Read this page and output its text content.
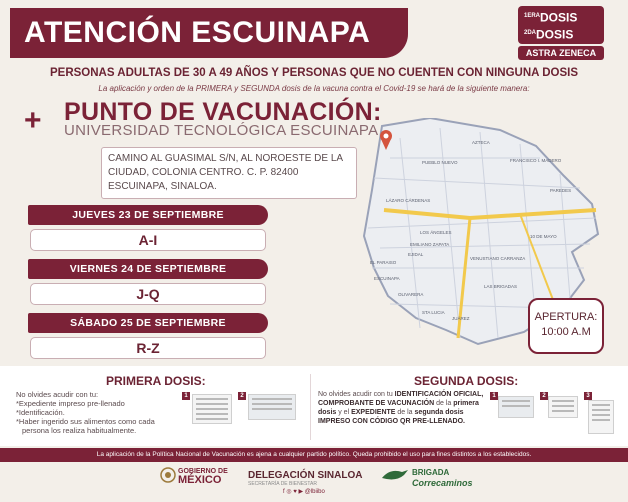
ATENCIÓN ESCUINAPA	$^{1ERA}$DOSIS
$^{2DA}$DOSIS
ASTRA ZENECA
PERSONAS ADULTAS DE 30 A 49 AÑOS Y PERSONAS QUE NO CUENTEN CON NINGUNA DOSIS
La aplicación y orden de la PRIMERA y SEGUNDA dosis de la vacuna contra el Covid-19 se hará de la siguiente manera:
+ PUNTO DE VACUNACIÓN:
UNIVERSIDAD TECNOLÓGICA ESCUINAPA
CAMINO AL GUASIMAL S/N, AL NOROESTE DE LA
CIUDAD, COLONIA CENTRO. C. P. 82400
ESCUINAPA, SINALOA.
JUEVES 23 DE SEPTIEMBRE
A-I
VIERNES 24 DE SEPTIEMBRE
J-Q
SÁBADO 25 DE SEPTIEMBRE
R-Z
AZTECA
FRANCISCO I. MADERO
PUEBLO NUEVO
PAREDES
LÁZARO CÁRDENAS
LOS ÁNGELES
10 DE MAYO
EJIDAL
ESCUINAPA
EL PARAISO
VENUSTIANO CARRANZA
LAS BRIGADAS
OLIVARERA
JUÁREZ
STA LUCIA
EMILIANO ZAPATA
APERTURA:
10:00 A.M
PRIMERA DOSIS:
No olvides acudir con tu:
*Expediente impreso pre-llenado
*Identificación.
*Haber ingerido sus alimentos como cada
persona los realiza habitualmente.
1	2
SEGUNDA DOSIS:
No olvides acudir con tu IDENTIFICACIÓN OFICIAL, COMPROBANTE DE VACUNACIÓN de la primera dosis y el EXPEDIENTE de la segunda dosis IMPRESO CON CÓDIGO QR PRE-LLENADO.
1	2	3
La aplicación de la Política Nacional de Vacunación es ajena a cualquier partido político. Queda prohibido el uso para fines distintos a los establecidos.
GOBIERNO DE
MÉXICO	DELEGACIÓN SINALOA
SECRETARÍA DE BIENESTAR
f ◎ ♥ ▶ @lbiibo
BRIGADA
Correcaminos
